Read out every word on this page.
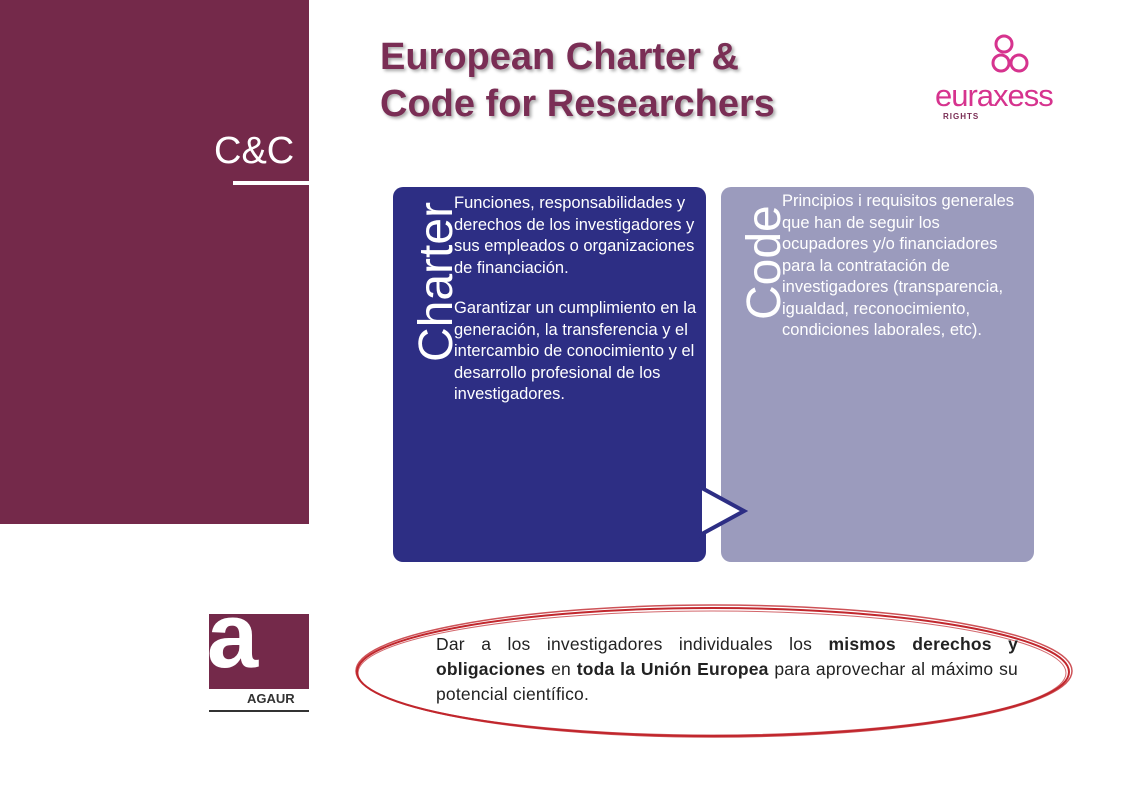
C&C
European Charter &
Code for Researchers	euraxess
RIGHTS
Charter

Funciones, responsabilidades y derechos de los investigadores y sus empleados o organizaciones de financiación.

Garantizar un cumplimiento en la generación, la transferencia y el intercambio de conocimiento y el desarrollo profesional de los investigadores.

Code
Principios i requisitos generales que han de seguir los ocupadores y/o financiadores para la contratación de investigadores (transparencia, igualdad, reconocimiento, condiciones laborales, etc).
a
AGAUR
Dar a los investigadores individuales los mismos derechos y obligaciones en toda la Unión Europea para aprovechar al máximo su potencial científico.
